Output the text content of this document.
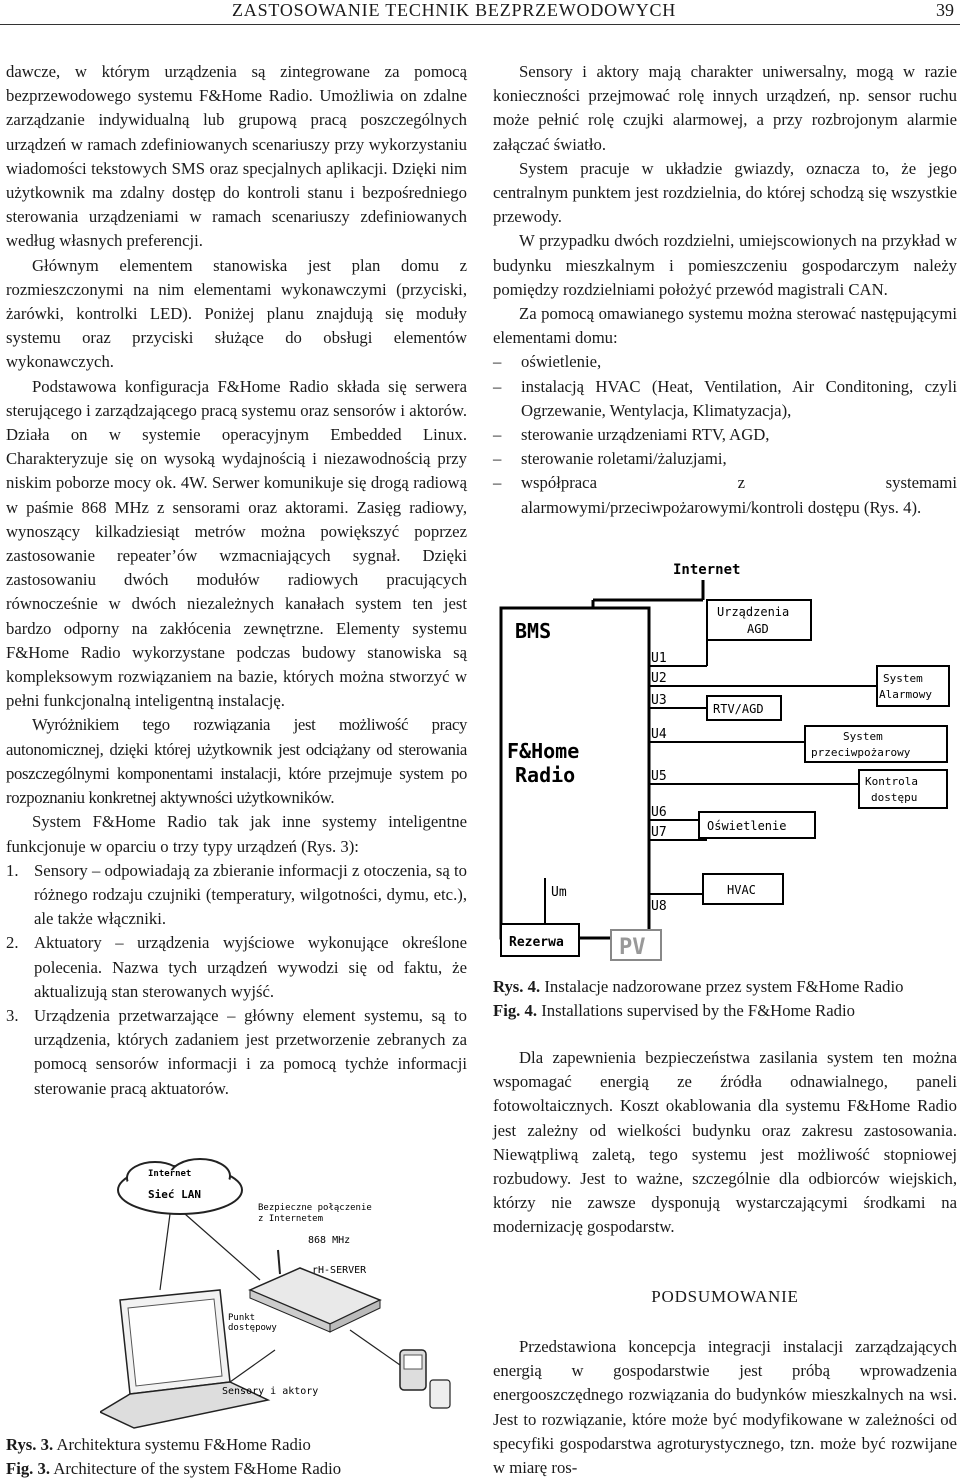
ZASTOSOWANIE TECHNIK BEZPRZEWODOWYCH	39

dawcze, w którym urządzenia są zintegrowane za pomocą bezprzewodowego systemu F&Home Radio. Umożliwia on zdalne zarządzanie indywidualną lub grupową pracą poszczególnych urządzeń w ramach zdefiniowanych scenariuszy przy wykorzystaniu wiadomości tekstowych SMS oraz specjalnych aplikacji. Dzięki nim użytkownik ma zdalny dostęp do kontroli stanu i bezpośredniego sterowania urządzeniami w ramach scenariuszy zdefiniowanych według własnych preferencji.

Głównym elementem stanowiska jest plan domu z rozmieszczonymi na nim elementami wykonawczymi (przyciski, żarówki, kontrolki LED). Poniżej planu znajdują się moduły systemu oraz przyciski służące do obsługi elementów wykonawczych.

Podstawowa konfiguracja F&Home Radio składa się serwera sterującego i zarządzającego pracą systemu oraz sensorów i aktorów. Działa on w systemie operacyjnym Embedded Linux. Charakteryzuje się on wysoką wydajnością i niezawodnością przy niskim poborze mocy ok. 4W. Serwer komunikuje się drogą radiową w paśmie 868 MHz z sensorami oraz aktorami. Zasięg radiowy, wynoszący kilkadziesiąt metrów można powiększyć poprzez zastosowanie repeater’ów wzmacniających sygnał. Dzięki zastosowaniu dwóch modułów radiowych pracujących równocześnie w dwóch niezależnych kanałach system ten jest bardzo odporny na zakłócenia zewnętrzne. Elementy systemu F&Home Radio wykorzystane podczas budowy stanowiska są kompleksowym rozwiązaniem na bazie, których można stworzyć w pełni funkcjonalną inteligentną instalację.

Wyróżnikiem tego rozwiązania jest możliwość pracy autonomicznej, dzięki której użytkownik jest odciążany od sterowania poszczególnymi komponentami instalacji, które przejmuje system po rozpoznaniu konkretnej aktywności użytkowników.

System F&Home Radio tak jak inne systemy inteligentne funkcjonuje w oparciu o trzy typy urządzeń (Rys. 3):

1. Sensory – odpowiadają za zbieranie informacji z otoczenia, są to różnego rodzaju czujniki (temperatury, wilgotności, dymu, etc.), ale także włączniki.
2. Aktuatory – urządzenia wyjściowe wykonujące określone polecenia. Nazwa tych urządzeń wywodzi się od faktu, że aktualizują stan sterowanych wyjść.
3. Urządzenia przetwarzające – główny element systemu, są to urządzenia, których zadaniem jest przetworzenie zebranych za pomocą sensorów informacji i za pomocą tychże informacji sterowanie pracą aktuatorów.
Internet
Sieć LAN
Bezpieczne połączenie
z Internetem
868 MHz
rH-SERVER
Punkt
dostępowy
Sensory i aktory
Rys. 3. Architektura systemu F&Home Radio
Fig. 3. Architecture of the system F&Home Radio

Sensory i aktory mają charakter uniwersalny, mogą w razie konieczności przejmować rolę innych urządzeń, np. sensor ruchu może pełnić rolę czujki alarmowej, a przy rozbrojonym alarmie załączać światło.

System pracuje w układzie gwiazdy, oznacza to, że jego centralnym punktem jest rozdzielnia, do której schodzą się wszystkie przewody.

W przypadku dwóch rozdzielni, umiejscowionych na przykład w budynku mieszkalnym i pomieszczeniu gospodarczym należy pomiędzy rozdzielniami położyć przewód magistrali CAN.

Za pomocą omawianego systemu można sterować następującymi elementami domu:

– oświetlenie,
– instalacją HVAC (Heat, Ventilation, Air Conditoning, czyli Ogrzewanie, Wentylacja, Klimatyzacja),
– sterowanie urządzeniami RTV, AGD,
– sterowanie roletami/żaluzjami,
– współpraca z systemami alarmowymi/przeciwpożarowymi/kontroli dostępu (Rys. 4).
Internet
BMS
F&Home
Radio
U1
Urządzenia
AGD
U2	System
Alarmowy
U3
RTV/AGD
U4	System
przeciwpożarowy
U5	Kontrola
dostępu
U6
U7	Oświetlenie
U8
HVAC
Um
Rezerwa	PV
Rys. 4. Instalacje nadzorowane przez system F&Home Radio
Fig. 4. Installations supervised by the F&Home Radio

Dla zapewnienia bezpieczeństwa zasilania system ten można wspomagać energią ze źródła odnawialnego, paneli fotowoltaicznych. Koszt okablowania dla systemu F&Home Radio jest zależny od wielkości budynku oraz zakresu zastosowania. Niewątpliwą zaletą, tego systemu jest możliwość stopniowej rozbudowy. Jest to ważne, szczególnie dla odbiorców wiejskich, którzy nie zawsze dysponują wystarczającymi środkami na modernizację gospodarstw.

PODSUMOWANIE

Przedstawiona koncepcja integracji instalacji zarządzających energią w gospodarstwie jest próbą wprowadzenia energooszczędnego rozwiązania do budynków mieszkalnych na wsi. Jest to rozwiązanie, które może być modyfikowane w zależności od specyfiki gospodarstwa agroturystycznego, tzn. może być rozwijane w miarę ros-
